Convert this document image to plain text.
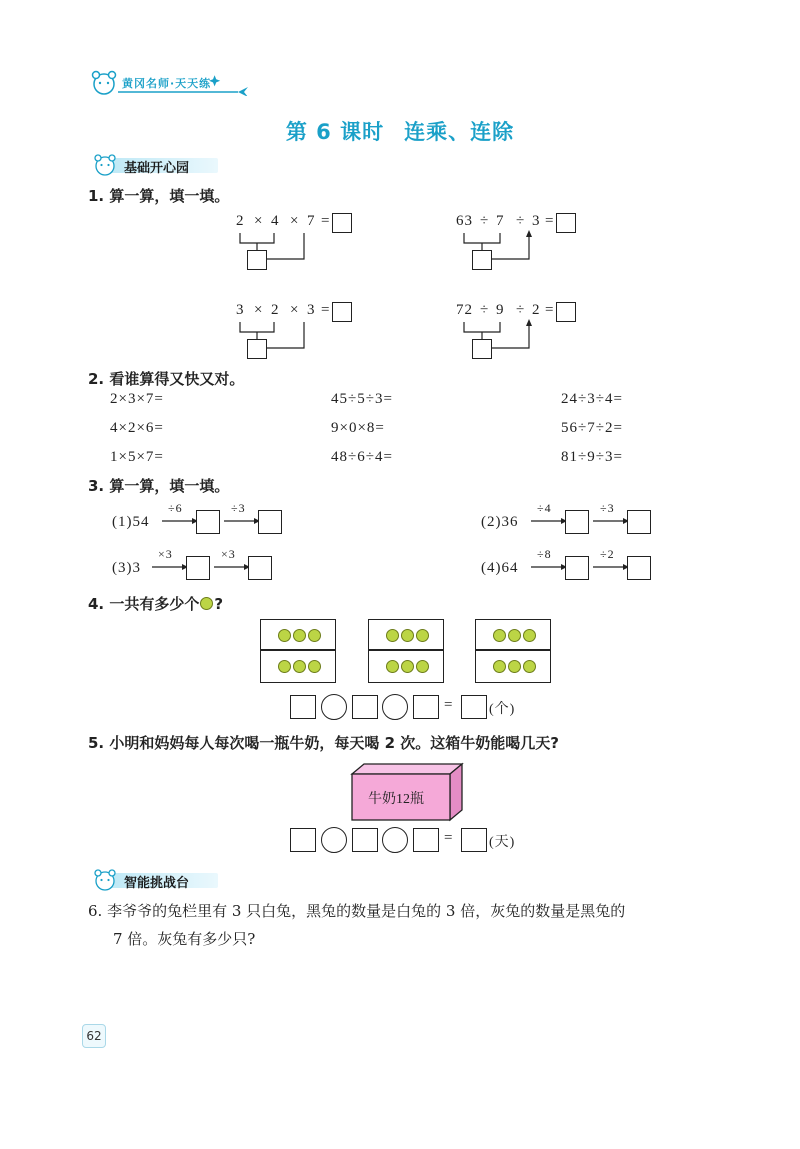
黄冈名师·天天练
第 6 课时 连乘、连除
基础开心园
1. 算一算，填一填。
2 × 4 × 7 =	63 ÷ 7 ÷ 3 =
3 × 2 × 3 =	72 ÷ 9 ÷ 2 =
2. 看谁算得又快又对。
2×3×7=	45÷5÷3=	24÷3÷4=
4×2×6=	9×0×8=	56÷7÷2=
1×5×7=	48÷6÷4=	81÷9÷3=
3. 算一算，填一填。
(1)54
÷6	÷3
(2)36
÷4	÷3
(3)3
×3	×3
(4)64
÷8	÷2
4. 一共有多少个 ?
=	(个)
5. 小明和妈妈每人每次喝一瓶牛奶，每天喝 2 次。这箱牛奶能喝几天?
牛奶12瓶
=	(天)
智能挑战台
6. 李爷爷的兔栏里有 3 只白兔，黑兔的数量是白兔的 3 倍，灰兔的数量是黑兔的
7 倍。灰兔有多少只?
62
